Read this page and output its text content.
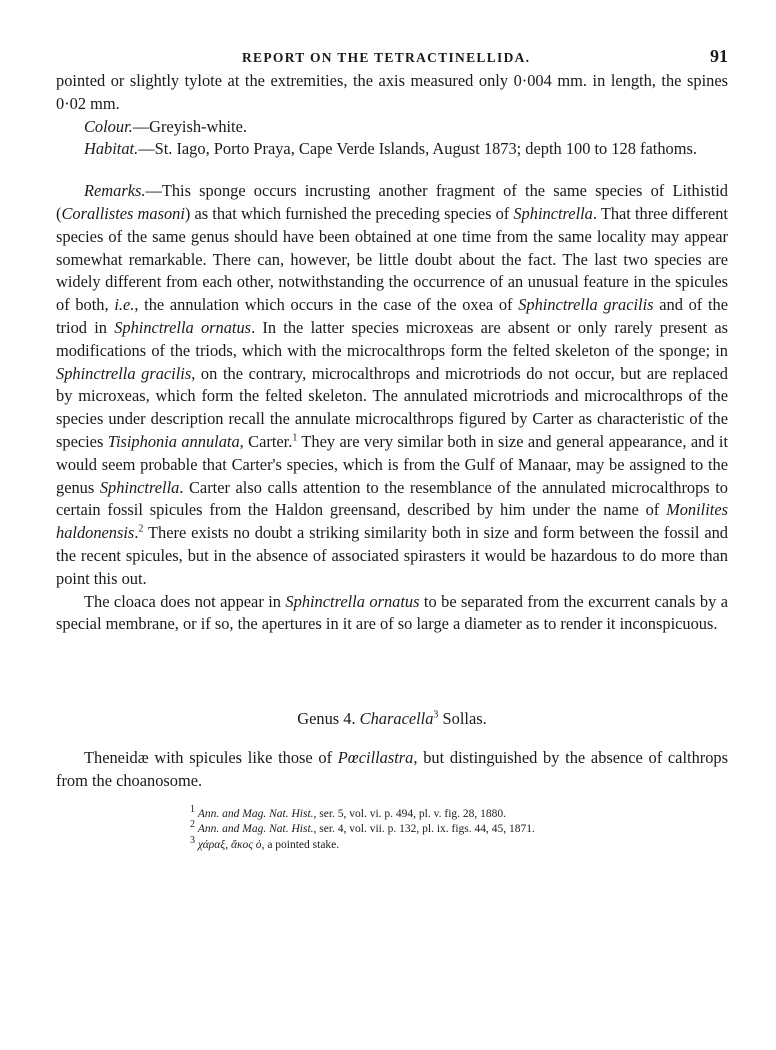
REPORT ON THE TETRACTINELLIDA.	91

pointed or slightly tylote at the extremities, the axis measured only 0·004 mm. in length, the spines 0·02 mm.

Colour.—Greyish-white.

Habitat.—St. Iago, Porto Praya, Cape Verde Islands, August 1873; depth 100 to 128 fathoms.

Remarks.—This sponge occurs incrusting another fragment of the same species of Lithistid (Corallistes masoni) as that which furnished the preceding species of Sphinctrella. That three different species of the same genus should have been obtained at one time from the same locality may appear somewhat remarkable. There can, however, be little doubt about the fact. The last two species are widely different from each other, notwithstanding the occurrence of an unusual feature in the spicules of both, i.e., the annulation which occurs in the case of the oxea of Sphinctrella gracilis and of the triod in Sphinctrella ornatus. In the latter species microxeas are absent or only rarely present as modifications of the triods, which with the microcalthrops form the felted skeleton of the sponge; in Sphinctrella gracilis, on the contrary, microcalthrops and microtriods do not occur, but are replaced by microxeas, which form the felted skeleton. The annulated microtriods and microcalthrops of the species under description recall the annulate microcalthrops figured by Carter as characteristic of the species Tisiphonia annulata, Carter.$^1$ They are very similar both in size and general appearance, and it would seem probable that Carter's species, which is from the Gulf of Manaar, may be assigned to the genus Sphinctrella. Carter also calls attention to the resemblance of the annulated microcalthrops to certain fossil spicules from the Haldon greensand, described by him under the name of Monilites haldonensis.$^2$ There exists no doubt a striking similarity both in size and form between the fossil and the recent spicules, but in the absence of associated spirasters it would be hazardous to do more than point this out.

The cloaca does not appear in Sphinctrella ornatus to be separated from the excurrent canals by a special membrane, or if so, the apertures in it are of so large a diameter as to render it inconspicuous.

Genus 4. Characella$^3$ Sollas.

Theneidæ with spicules like those of Pœcillastra, but distinguished by the absence of calthrops from the choanosome.

$^1$ Ann. and Mag. Nat. Hist., ser. 5, vol. vi. p. 494, pl. v. fig. 28, 1880.
$^2$ Ann. and Mag. Nat. Hist., ser. 4, vol. vii. p. 132, pl. ix. figs. 44, 45, 1871.
$^3$ χάραξ, ἄκος ὁ, a pointed stake.
